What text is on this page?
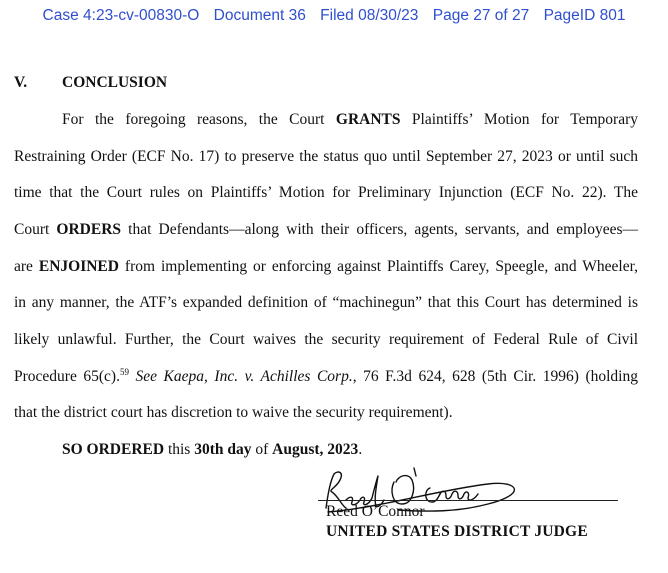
Case 4:23-cv-00830-O Document 36 Filed 08/30/23 Page 27 of 27 PageID 801
V. CONCLUSION
For the foregoing reasons, the Court GRANTS Plaintiffs’ Motion for Temporary
Restraining Order (ECF No. 17) to preserve the status quo until September 27, 2023 or until such
time that the Court rules on Plaintiffs’ Motion for Preliminary Injunction (ECF No. 22). The
Court ORDERS that Defendants—along with their officers, agents, servants, and employees—
are ENJOINED from implementing or enforcing against Plaintiffs Carey, Speegle, and Wheeler,
in any manner, the ATF’s expanded definition of “machinegun” that this Court has determined is
likely unlawful. Further, the Court waives the security requirement of Federal Rule of Civil
Procedure 65(c).$^{59}$ See Kaepa, Inc. v. Achilles Corp., 76 F.3d 624, 628 (5th Cir. 1996) (holding
that the district court has discretion to waive the security requirement).
SO ORDERED this 30th day of August, 2023.
Reed O’Connor
UNITED STATES DISTRICT JUDGE
